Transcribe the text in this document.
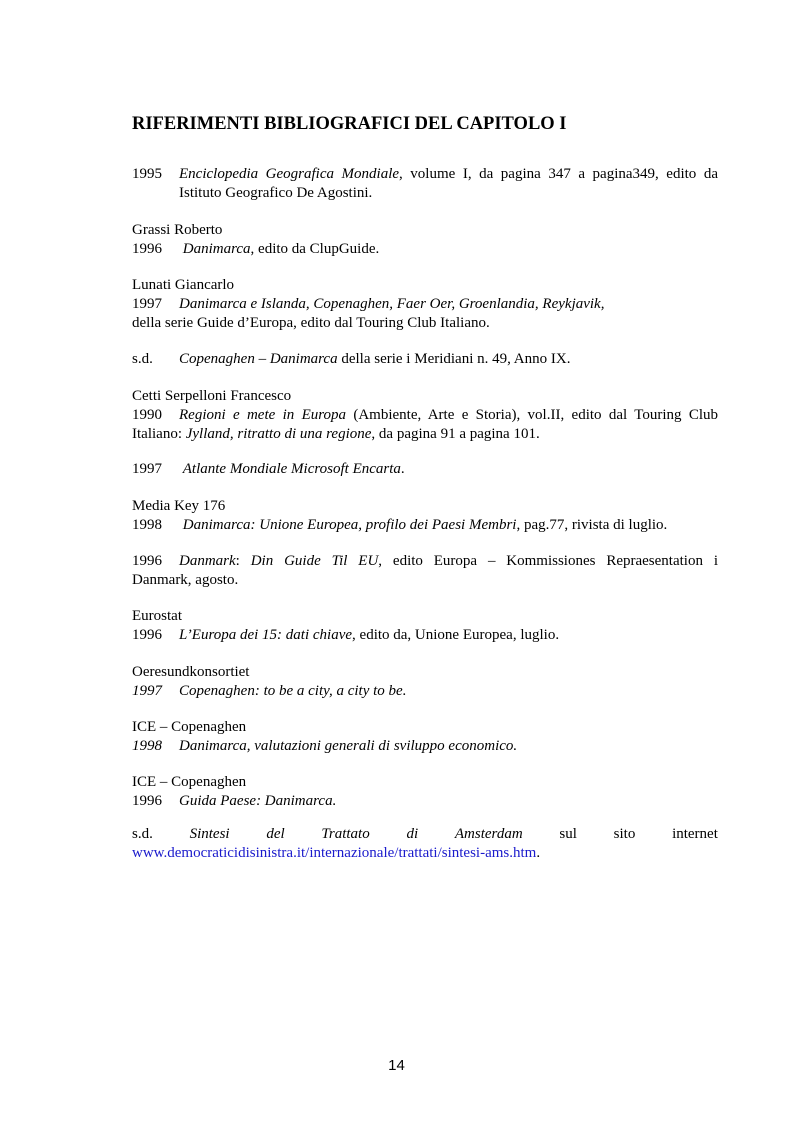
RIFERIMENTI BIBLIOGRAFICI DEL CAPITOLO I
1995 Enciclopedia Geografica Mondiale, volume I, da pagina 347 a pagina349, edito da
Istituto Geografico De Agostini.
Grassi Roberto
1996 Danimarca, edito da ClupGuide.
Lunati Giancarlo
1997 Danimarca e Islanda, Copenaghen, Faer Oer, Groenlandia, Reykjavik,
della serie Guide d’Europa, edito dal Touring Club Italiano.
s.d. Copenaghen – Danimarca della serie i Meridiani n. 49, Anno IX.
Cetti Serpelloni Francesco
1990 Regioni e mete in Europa (Ambiente, Arte e Storia), vol.II, edito dal Touring Club
Italiano: Jylland, ritratto di una regione, da pagina 91 a pagina 101.
1997 Atlante Mondiale Microsoft Encarta.
Media Key 176
1998 Danimarca: Unione Europea, profilo dei Paesi Membri, pag.77, rivista di luglio.
1996 Danmark: Din Guide Til EU, edito Europa – Kommissiones Repraesentation i
Danmark, agosto.
Eurostat
1996 L’Europa dei 15: dati chiave, edito da, Unione Europea, luglio.
Oeresundkonsortiet
1997 Copenaghen: to be a city, a city to be.
ICE – Copenaghen
1998 Danimarca, valutazioni generali di sviluppo economico.
ICE – Copenaghen
1996 Guida Paese: Danimarca.
s.d. Sintesi del Trattato di Amsterdam sul sito internet
www.democraticidisinistra.it/internazionale/trattati/sintesi-ams.htm.
14
